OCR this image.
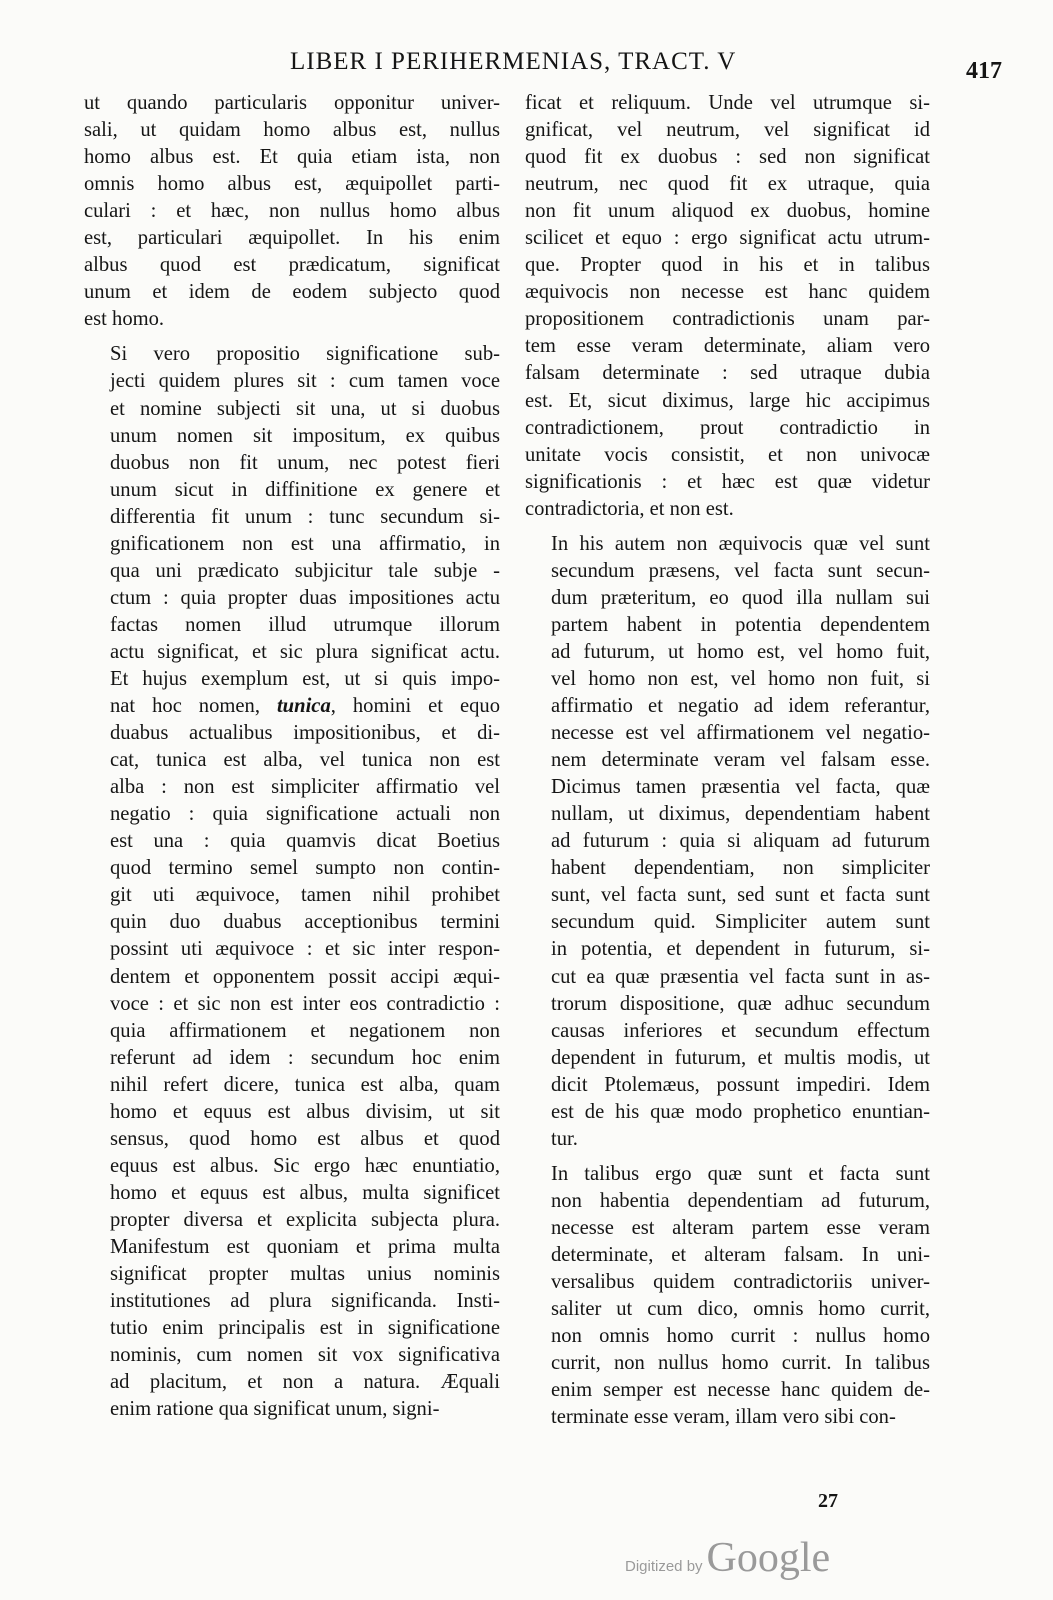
LIBER I PERIHERMENIAS, TRACT. V	417
ut quando particularis opponitur univer-
sali, ut quidam homo albus est, nullus
homo albus est. Et quia etiam ista, non
omnis homo albus est, æquipollet parti-
culari : et hæc, non nullus homo albus
est, particulari æquipollet. In his enim
albus quod est prædicatum, significat
unum et idem de eodem subjecto quod
est homo.
Si vero propositio significatione sub-
jecti quidem plures sit : cum tamen voce
et nomine subjecti sit una, ut si duobus
unum nomen sit impositum, ex quibus
duobus non fit unum, nec potest fieri
unum sicut in diffinitione ex genere et
differentia fit unum : tunc secundum si-
gnificationem non est una affirmatio, in
qua uni prædicato subjicitur tale subje -
ctum : quia propter duas impositiones actu
factas nomen illud utrumque illorum
actu significat, et sic plura significat actu.
Et hujus exemplum est, ut si quis impo-
nat hoc nomen, tunica, homini et equo
duabus actualibus impositionibus, et di-
cat, tunica est alba, vel tunica non est
alba : non est simpliciter affirmatio vel
negatio : quia significatione actuali non
est una : quia quamvis dicat Boetius
quod termino semel sumpto non contin-
git uti æquivoce, tamen nihil prohibet
quin duo duabus acceptionibus termini
possint uti æquivoce : et sic inter respon-
dentem et opponentem possit accipi æqui-
voce : et sic non est inter eos contradictio :
quia affirmationem et negationem non
referunt ad idem : secundum hoc enim
nihil refert dicere, tunica est alba, quam
homo et equus est albus divisim, ut sit
sensus, quod homo est albus et quod
equus est albus. Sic ergo hæc enuntiatio,
homo et equus est albus, multa significet
propter diversa et explicita subjecta plura.
Manifestum est quoniam et prima multa
significat propter multas unius nominis
institutiones ad plura significanda. Insti-
tutio enim principalis est in significatione
nominis, cum nomen sit vox significativa
ad placitum, et non a natura. Æquali
enim ratione qua significat unum, signi-
ficat et reliquum. Unde vel utrumque si-
gnificat, vel neutrum, vel significat id
quod fit ex duobus : sed non significat
neutrum, nec quod fit ex utraque, quia
non fit unum aliquod ex duobus, homine
scilicet et equo : ergo significat actu utrum-
que. Propter quod in his et in talibus
æquivocis non necesse est hanc quidem
propositionem contradictionis unam par-
tem esse veram determinate, aliam vero
falsam determinate : sed utraque dubia
est. Et, sicut diximus, large hic accipimus
contradictionem, prout contradictio in
unitate vocis consistit, et non univocæ
significationis : et hæc est quæ videtur
contradictoria, et non est.
In his autem non æquivocis quæ vel sunt
secundum præsens, vel facta sunt secun-
dum præteritum, eo quod illa nullam sui
partem habent in potentia dependentem
ad futurum, ut homo est, vel homo fuit,
vel homo non est, vel homo non fuit, si
affirmatio et negatio ad idem referantur,
necesse est vel affirmationem vel negatio-
nem determinate veram vel falsam esse.
Dicimus tamen præsentia vel facta, quæ
nullam, ut diximus, dependentiam habent
ad futurum : quia si aliquam ad futurum
habent dependentiam, non simpliciter
sunt, vel facta sunt, sed sunt et facta sunt
secundum quid. Simpliciter autem sunt
in potentia, et dependent in futurum, si-
cut ea quæ præsentia vel facta sunt in as-
trorum dispositione, quæ adhuc secundum
causas inferiores et secundum effectum
dependent in futurum, et multis modis, ut
dicit Ptolemæus, possunt impediri. Idem
est de his quæ modo prophetico enuntian-
tur.
In talibus ergo quæ sunt et facta sunt
non habentia dependentiam ad futurum,
necesse est alteram partem esse veram
determinate, et alteram falsam. In uni-
versalibus quidem contradictoriis univer-
saliter ut cum dico, omnis homo currit,
non omnis homo currit : nullus homo
currit, non nullus homo currit. In talibus
enim semper est necesse hanc quidem de-
terminate esse veram, illam vero sibi con-
27
Digitized by Google
